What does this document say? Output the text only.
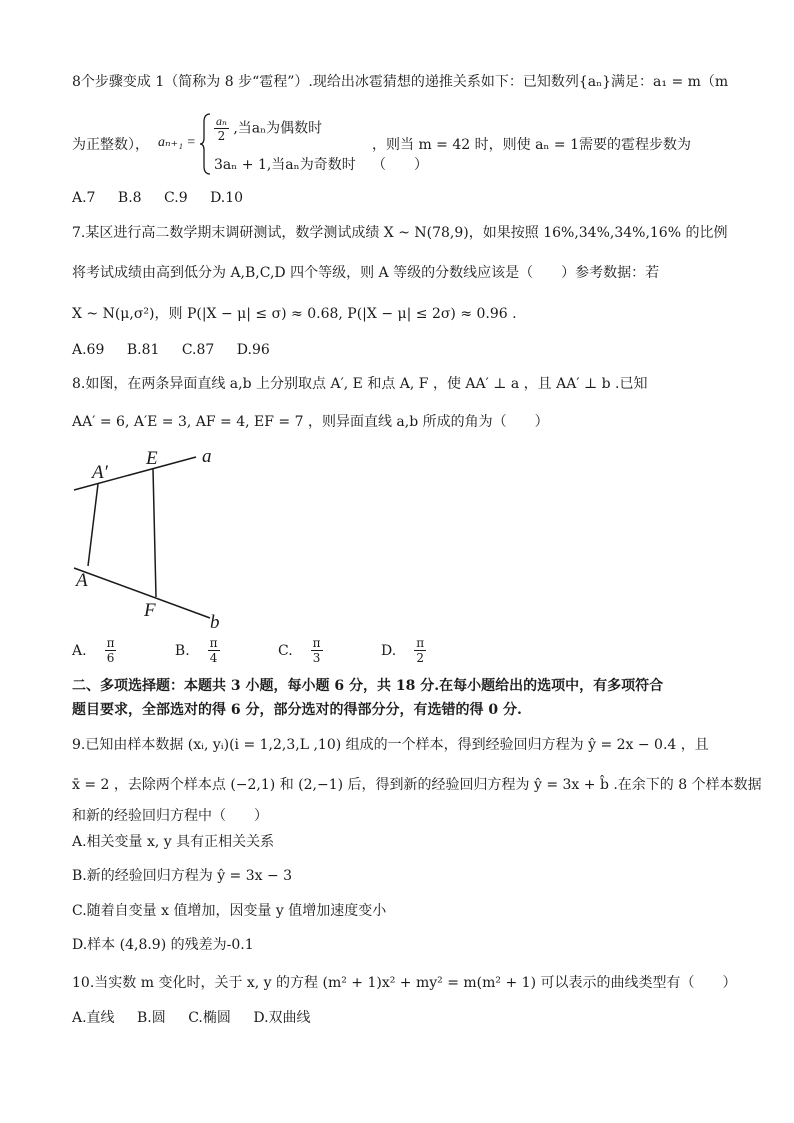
8个步骤变成 1（简称为 8 步“雹程”）.现给出冰雹猜想的递推关系如下：已知数列{aₙ}满足：a₁ = m（m
为正整数）， $a_{n+1} = \frac{\text{aₙ}}{2}$ ,当aₙ为偶数时
3aₙ + 1,当aₙ为奇数时
，则当 m = 42 时，则使 aₙ = 1需要的雹程步数为（　　）
A.7 B.8 C.9 D.10
7.某区进行高二数学期末调研测试，数学测试成绩 X ~ N(78,9)，如果按照 16%,34%,34%,16% 的比例
将考试成绩由高到低分为 A,B,C,D 四个等级，则 A 等级的分数线应该是（　　）参考数据：若
X ~ N(μ,σ²)，则 P(|X − μ| ≤ σ) ≈ 0.68, P(|X − μ| ≤ 2σ) ≈ 0.96 .
A.69 B.81 C.87 D.96
8.如图，在两条异面直线 a,b 上分别取点 A′, E 和点 A, F ，使 AA′ ⊥ a ，且 AA′ ⊥ b .已知
AA′ = 6, A′E = 3, AF = 4, EF = 7 ，则异面直线 a,b 所成的角为（　　）
A′
E a
A
F
b
A. $\frac{\pi}{6}$	B. $\frac{\pi}{4}$	C. $\frac{\pi}{3}$	D. $\frac{\pi}{2}$
二、多项选择题：本题共 3 小题，每小题 6 分，共 18 分.在每小题给出的选项中，有多项符合
题目要求，全部选对的得 6 分，部分选对的得部分分，有选错的得 0 分.
9.已知由样本数据 (xᵢ, yᵢ)(i = 1,2,3,L ,10) 组成的一个样本，得到经验回归方程为 ŷ = 2x − 0.4 ，且
x̄ = 2 ，去除两个样本点 (−2,1) 和 (2,−1) 后，得到新的经验回归方程为 ŷ = 3x + b̂ .在余下的 8 个样本数据
和新的经验回归方程中（　　）
A.相关变量 x, y 具有正相关关系
B.新的经验回归方程为 ŷ = 3x − 3
C.随着自变量 x 值增加，因变量 y 值增加速度变小
D.样本 (4,8.9) 的残差为-0.1
10.当实数 m 变化时，关于 x, y 的方程 (m² + 1)x² + my² = m(m² + 1) 可以表示的曲线类型有（　　）
A.直线 B.圆 C.椭圆 D.双曲线
